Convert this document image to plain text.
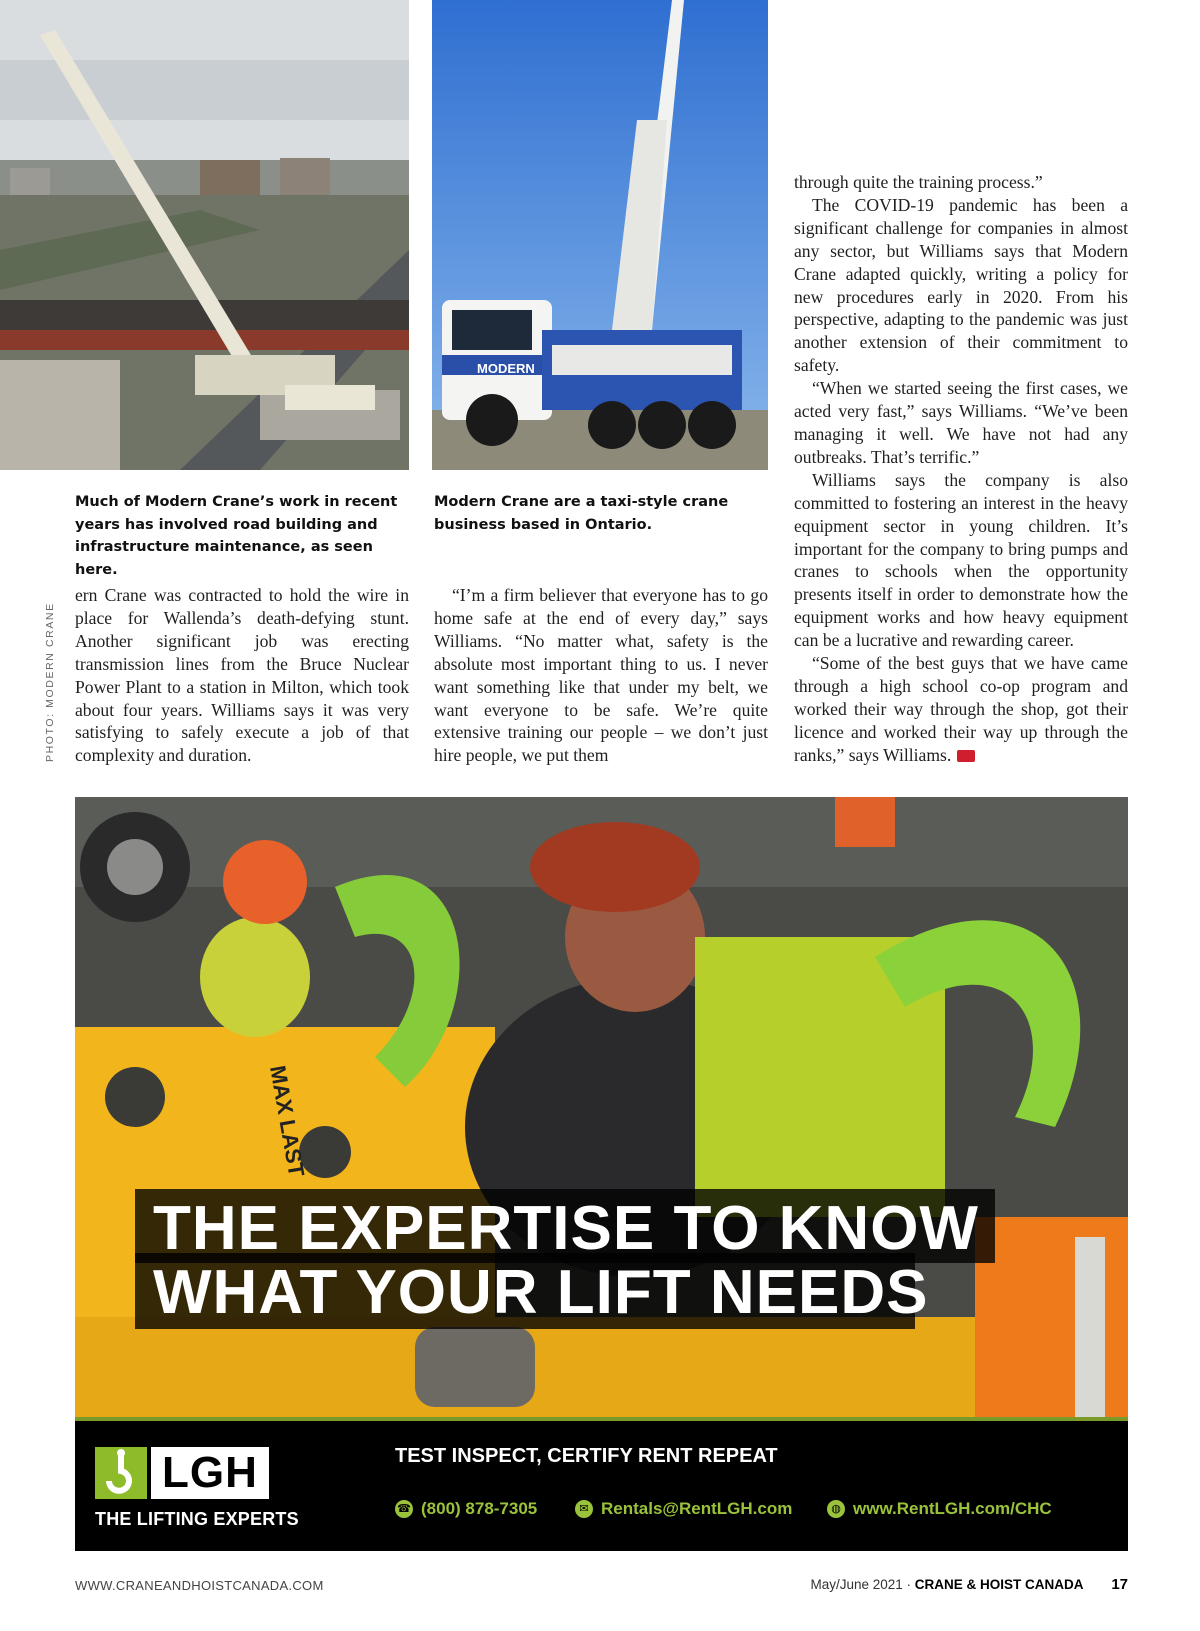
MODERN
Much of Modern Crane’s work in recent years has involved road building and infrastructure maintenance, as seen here.
Modern Crane are a taxi-style crane business based in Ontario.
PHOTO: MODERN CRANE

ern Crane was contracted to hold the wire in place for Wallenda’s death-defying stunt. Another significant job was erecting transmission lines from the Bruce Nuclear Power Plant to a station in Milton, which took about four years. Williams says it was very satisfying to safely execute a job of that complexity and duration.

“I’m a firm believer that everyone has to go home safe at the end of every day,” says Williams. “No matter what, safety is the absolute most important thing to us. I never want something like that under my belt, we want everyone to be safe. We’re quite extensive training our people – we don’t just hire people, we put them

through quite the training process.”

The COVID-19 pandemic has been a significant challenge for companies in almost any sector, but Williams says that Modern Crane adapted quickly, writing a policy for new procedures early in 2020. From his perspective, adapting to the pandemic was just another extension of their commitment to safety.

“When we started seeing the first cases, we acted very fast,” says Williams. “We’ve been managing it well. We have not had any outbreaks. That’s terrific.”

Williams says the company is also committed to fostering an interest in the heavy equipment sector in young children. It’s important for the company to bring pumps and cranes to schools when the opportunity presents itself in order to demonstrate how the equipment works and how heavy equipment can be a lucrative and rewarding career.

“Some of the best guys that we have came through a high school co-op program and worked their way through the shop, got their licence and worked their way up through the ranks,” says Williams.

MAX LAST
THE EXPERTISE TO KNOW
WHAT YOUR LIFT NEEDS
LGH
THE LIFTING EXPERTS
TEST INSPECT, CERTIFY RENT REPEAT
☎ (800) 878-7305	✉ Rentals@RentLGH.com	◍ www.RentLGH.com/CHC
WWW.CRANEANDHOISTCANADA.COM	May/June 2021 · CRANE & HOIST CANADA 17
